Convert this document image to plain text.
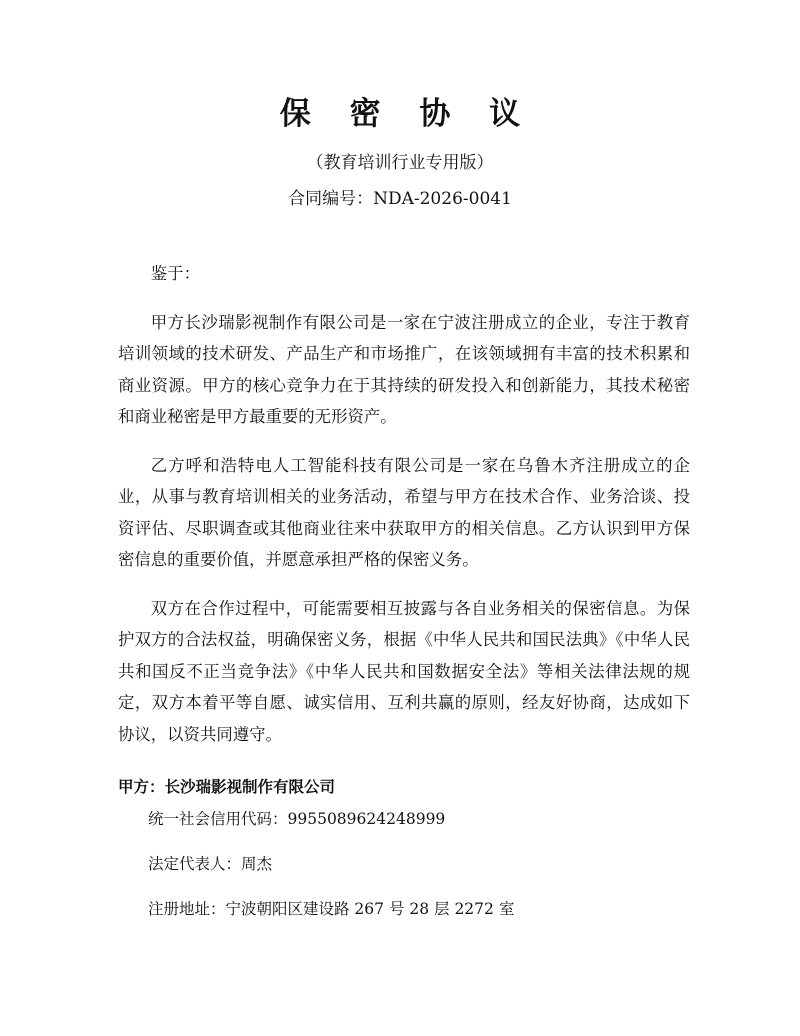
保 密 协 议
（教育培训行业专用版）
合同编号：NDA-2026-0041

鉴于：

甲方长沙瑞影视制作有限公司是一家在宁波注册成立的企业，专注于教育培训领域的技术研发、产品生产和市场推广，在该领域拥有丰富的技术积累和商业资源。甲方的核心竞争力在于其持续的研发投入和创新能力，其技术秘密和商业秘密是甲方最重要的无形资产。

乙方呼和浩特电人工智能科技有限公司是一家在乌鲁木齐注册成立的企业，从事与教育培训相关的业务活动，希望与甲方在技术合作、业务洽谈、投资评估、尽职调查或其他商业往来中获取甲方的相关信息。乙方认识到甲方保密信息的重要价值，并愿意承担严格的保密义务。

双方在合作过程中，可能需要相互披露与各自业务相关的保密信息。为保护双方的合法权益，明确保密义务，根据《中华人民共和国民法典》《中华人民共和国反不正当竞争法》《中华人民共和国数据安全法》等相关法律法规的规定，双方本着平等自愿、诚实信用、互利共赢的原则，经友好协商，达成如下协议，以资共同遵守。

甲方：长沙瑞影视制作有限公司

统一社会信用代码：9955089624248999

法定代表人：周杰

注册地址：宁波朝阳区建设路 267 号 28 层 2272 室
